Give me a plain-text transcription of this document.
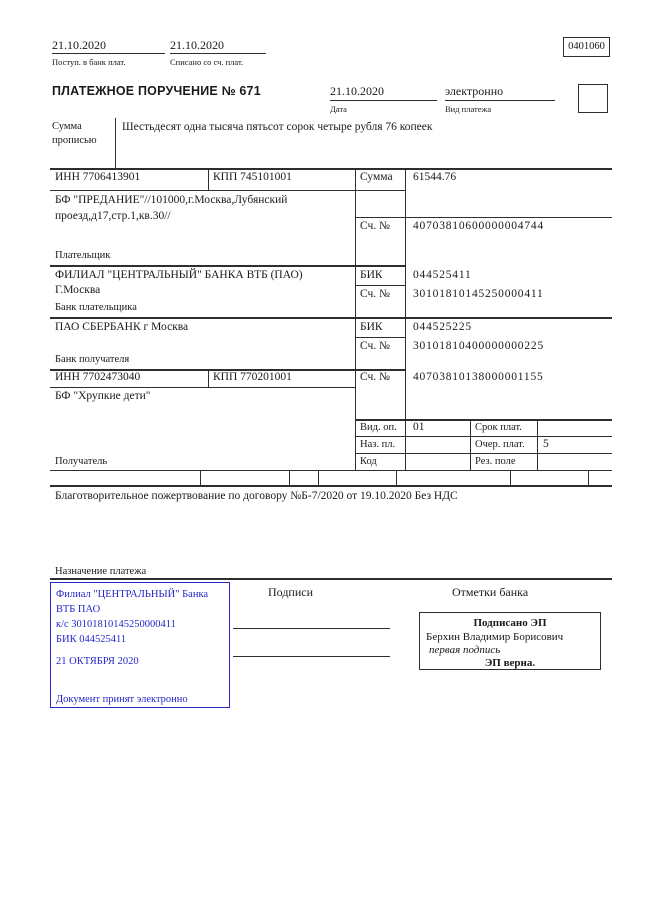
21.10.2020
Поступ. в банк плат.
21.10.2020
Списано со сч. плат.
0401060
ПЛАТЕЖНОЕ ПОРУЧЕНИЕ № 671	21.10.2020
Дата
электронно
Вид платежа
Сумма
прописью
Шестьдесят одна тысяча пятьсот сорок четыре рубля 76 копеек
ИНН 7706413901	КПП 745101001	Сумма 61544.76
БФ "ПРЕДАНИЕ"//101000,г.Москва,Лубянский проезд,д17,стр.1,кв.30//
Сч. № 40703810600000004744
Плательщик
ФИЛИАЛ "ЦЕНТРАЛЬНЫЙ" БАНКА ВТБ (ПАО)
Г.Москва
БИК	044525411
Сч. № 30101810145250000411
Банк плательщика
ПАО СБЕРБАНК г Москва	БИК	044525225
Сч. № 30101810400000000225
Банк получателя
ИНН 7702473040	КПП 770201001	Сч. № 40703810138000001155
БФ "Хрупкие дети"
Вид. оп. 01	Срок плат.
Наз. пл.	Очер. плат. 5
Код	Рез. поле
Получатель
Благотворительное пожертвование по договору №Б-7/2020 от 19.10.2020 Без НДС
Назначение платежа
Подписи	Отметки банка
Филиал "ЦЕНТРАЛЬНЫЙ" Банка
ВТБ ПАО
к/с 30101810145250000411
БИК 044525411
21 ОКТЯБРЯ 2020
Документ принят электронно
Подписано ЭП
Берхин Владимир Борисович
первая подпись
ЭП верна.
